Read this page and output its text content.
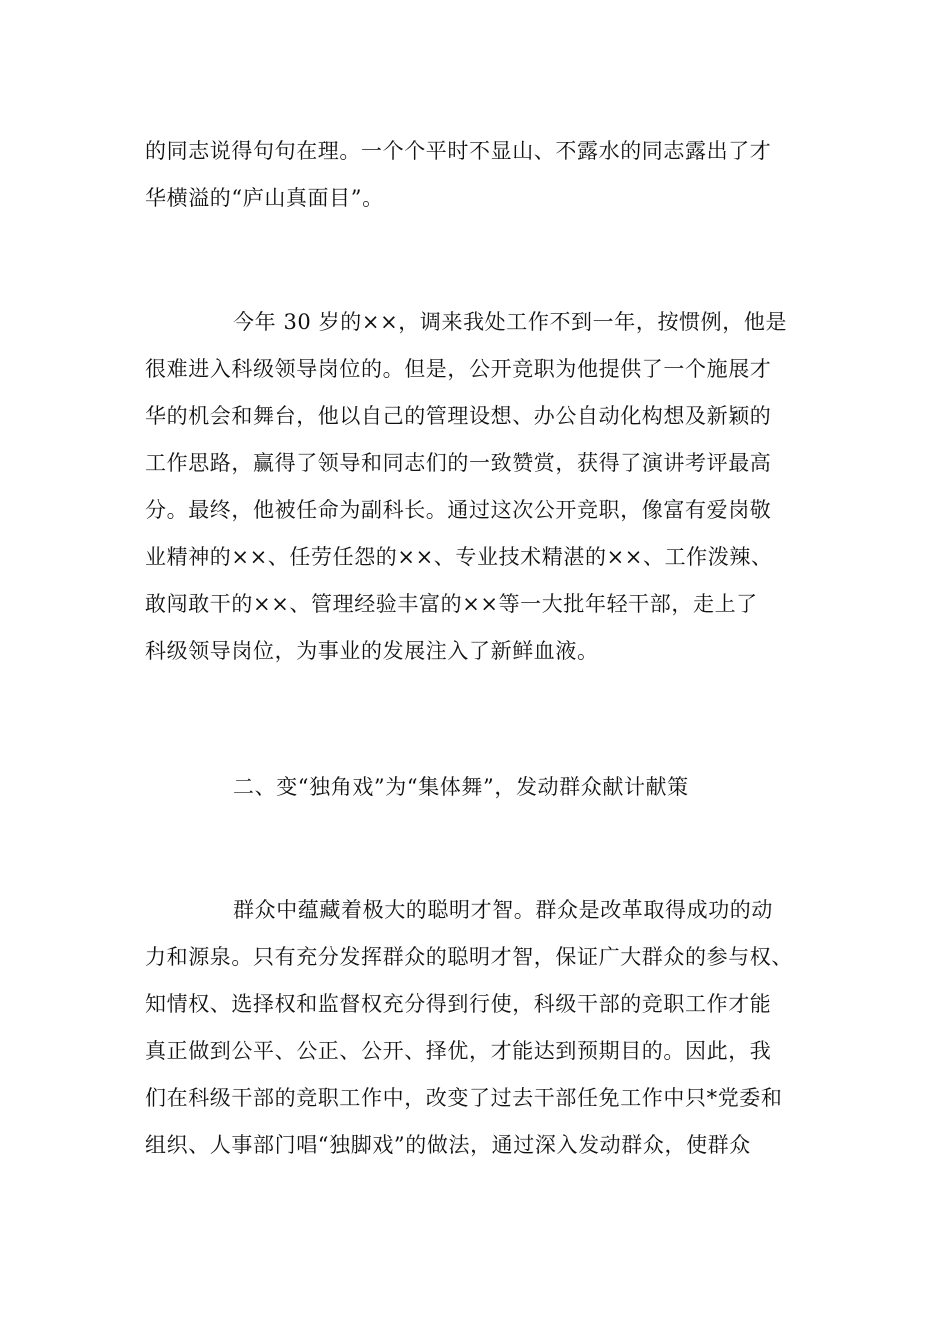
的同志说得句句在理。一个个平时不显山、不露水的同志露出了才
华横溢的“庐山真面目”。
今年 30 岁的××，调来我处工作不到一年，按惯例，他是
很难进入科级领导岗位的。但是，公开竞职为他提供了一个施展才
华的机会和舞台，他以自己的管理设想、办公自动化构想及新颖的
工作思路，赢得了领导和同志们的一致赞赏，获得了演讲考评最高
分。最终，他被任命为副科长。通过这次公开竞职，像富有爱岗敬
业精神的××、任劳任怨的××、专业技术精湛的××、工作泼辣、
敢闯敢干的××、管理经验丰富的××等一大批年轻干部，走上了
科级领导岗位，为事业的发展注入了新鲜血液。
二、变“独角戏”为“集体舞”，发动群众献计献策
群众中蕴藏着极大的聪明才智。群众是改革取得成功的动
力和源泉。只有充分发挥群众的聪明才智，保证广大群众的参与权、
知情权、选择权和监督权充分得到行使，科级干部的竞职工作才能
真正做到公平、公正、公开、择优，才能达到预期目的。因此，我
们在科级干部的竞职工作中，改变了过去干部任免工作中只*党委和
组织、人事部门唱“独脚戏”的做法，通过深入发动群众，使群众
